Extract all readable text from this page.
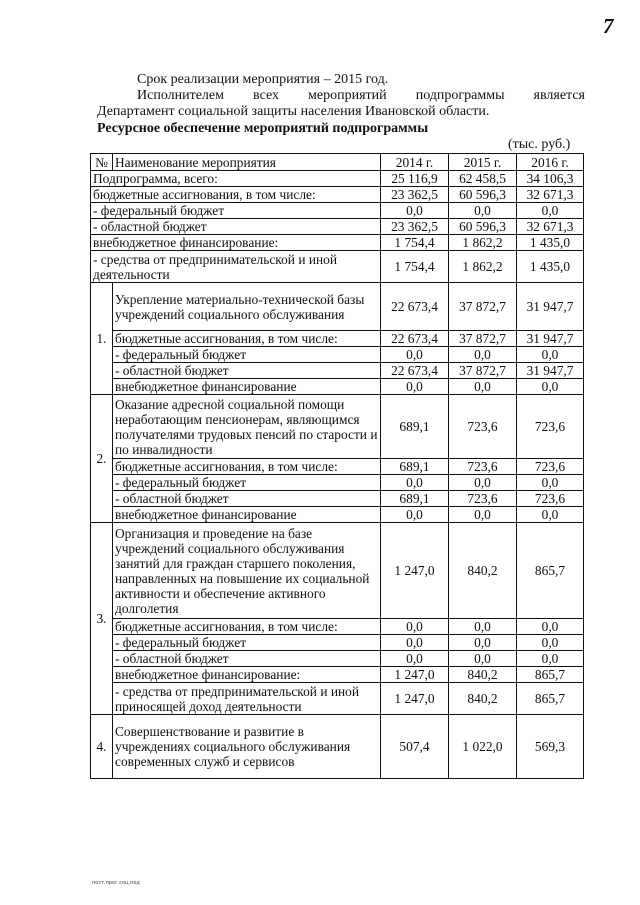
7
Срок реализации мероприятия – 2015 год.
Исполнителем всех мероприятий подпрограммы является
Департамент социальной защиты населения Ивановской области.
Ресурсное обеспечение мероприятий подпрограммы
(тыс. руб.)
№	Наименование мероприятия	2014 г.	2015 г.	2016 г.
Подпрограмма, всего:		25 116,9	62 458,5	34 106,3
бюджетные ассигнования, в том числе:		23 362,5	60 596,3	32 671,3
- федеральный бюджет		0,0	0,0	0,0
- областной бюджет		23 362,5	60 596,3	32 671,3
внебюджетное финансирование:		1 754,4	1 862,2	1 435,0
- средства от предпринимательской и иной деятельности		1 754,4	1 862,2	1 435,0
1.	Укрепление материально-технической базы учреждений социального обслуживания	22 673,4	37 872,7	31 947,7
	бюджетные ассигнования, в том числе:	22 673,4	37 872,7	31 947,7
	- федеральный бюджет	0,0	0,0	0,0
	- областной бюджет	22 673,4	37 872,7	31 947,7
	внебюджетное финансирование	0,0	0,0	0,0
2.	Оказание адресной социальной помощи неработающим пенсионерам, являющимся получателями трудовых пенсий по старости и по инвалидности	689,1	723,6	723,6
	бюджетные ассигнования, в том числе:	689,1	723,6	723,6
	- федеральный бюджет	0,0	0,0	0,0
	- областной бюджет	689,1	723,6	723,6
	внебюджетное финансирование	0,0	0,0	0,0
3.	Организация и проведение на базе учреждений социального обслуживания занятий для граждан старшего поколения, направленных на повышение их социальной активности и обеспечение активного долголетия	1 247,0	840,2	865,7
	бюджетные ассигнования, в том числе:	0,0	0,0	0,0
	- федеральный бюджет	0,0	0,0	0,0
	- областной бюджет	0,0	0,0	0,0
	внебюджетное финансирование:	1 247,0	840,2	865,7
	- средства от предпринимательской и иной приносящей доход деятельности	1 247,0	840,2	865,7
4.	Совершенствование и развитие в учреждениях социального обслуживания современных служб и сервисов	507,4	1 022,0	569,3
пост.прог.соц.под
